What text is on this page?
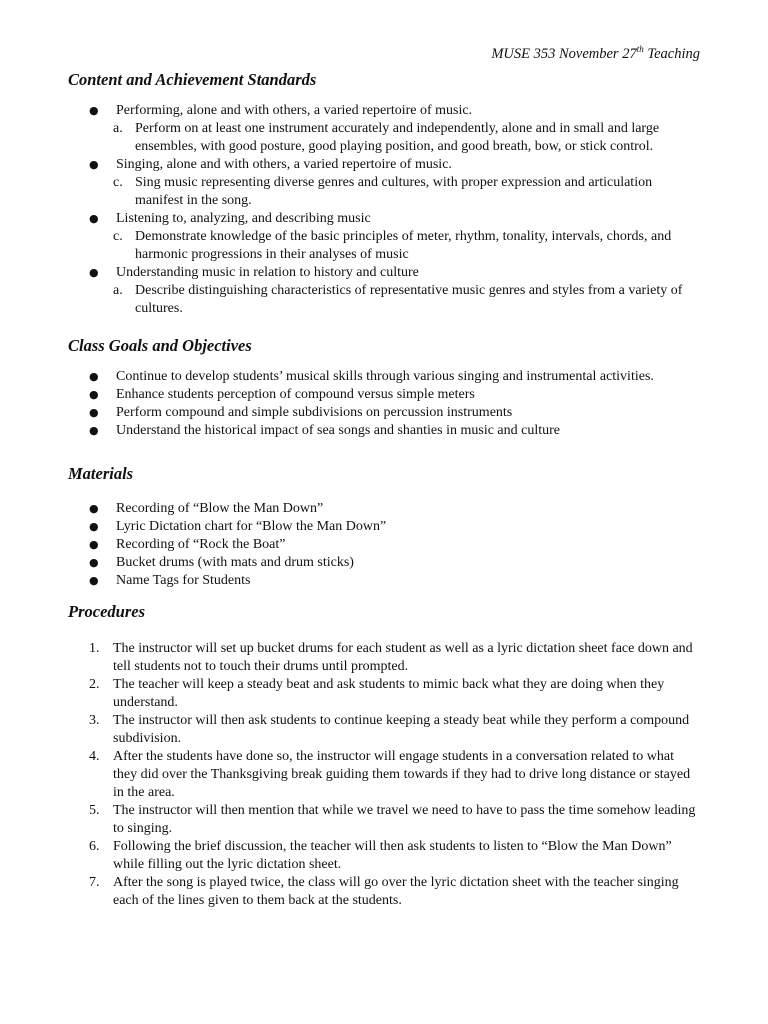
MUSE 353 November 27th Teaching
Content and Achievement Standards
● Performing, alone and with others, a varied repertoire of music.
a. Perform on at least one instrument accurately and independently, alone and in small and large ensembles, with good posture, good playing position, and good breath, bow, or stick control.
● Singing, alone and with others, a varied repertoire of music.
c. Sing music representing diverse genres and cultures, with proper expression and articulation manifest in the song.
● Listening to, analyzing, and describing music
c. Demonstrate knowledge of the basic principles of meter, rhythm, tonality, intervals, chords, and harmonic progressions in their analyses of music
● Understanding music in relation to history and culture
a. Describe distinguishing characteristics of representative music genres and styles from a variety of cultures.
Class Goals and Objectives
● Continue to develop students’ musical skills through various singing and instrumental activities.
● Enhance students perception of compound versus simple meters
● Perform compound and simple subdivisions on percussion instruments
● Understand the historical impact of sea songs and shanties in music and culture
Materials
● Recording of “Blow the Man Down”
● Lyric Dictation chart for “Blow the Man Down”
● Recording of “Rock the Boat”
● Bucket drums (with mats and drum sticks)
● Name Tags for Students
Procedures
1. The instructor will set up bucket drums for each student as well as a lyric dictation sheet face down and tell students not to touch their drums until prompted.
2. The teacher will keep a steady beat and ask students to mimic back what they are doing when they understand.
3. The instructor will then ask students to continue keeping a steady beat while they perform a compound subdivision.
4. After the students have done so, the instructor will engage students in a conversation related to what they did over the Thanksgiving break guiding them towards if they had to drive long distance or stayed in the area.
5. The instructor will then mention that while we travel we need to have to pass the time somehow leading to singing.
6. Following the brief discussion, the teacher will then ask students to listen to “Blow the Man Down” while filling out the lyric dictation sheet.
7. After the song is played twice, the class will go over the lyric dictation sheet with the teacher singing each of the lines given to them back at the students.
